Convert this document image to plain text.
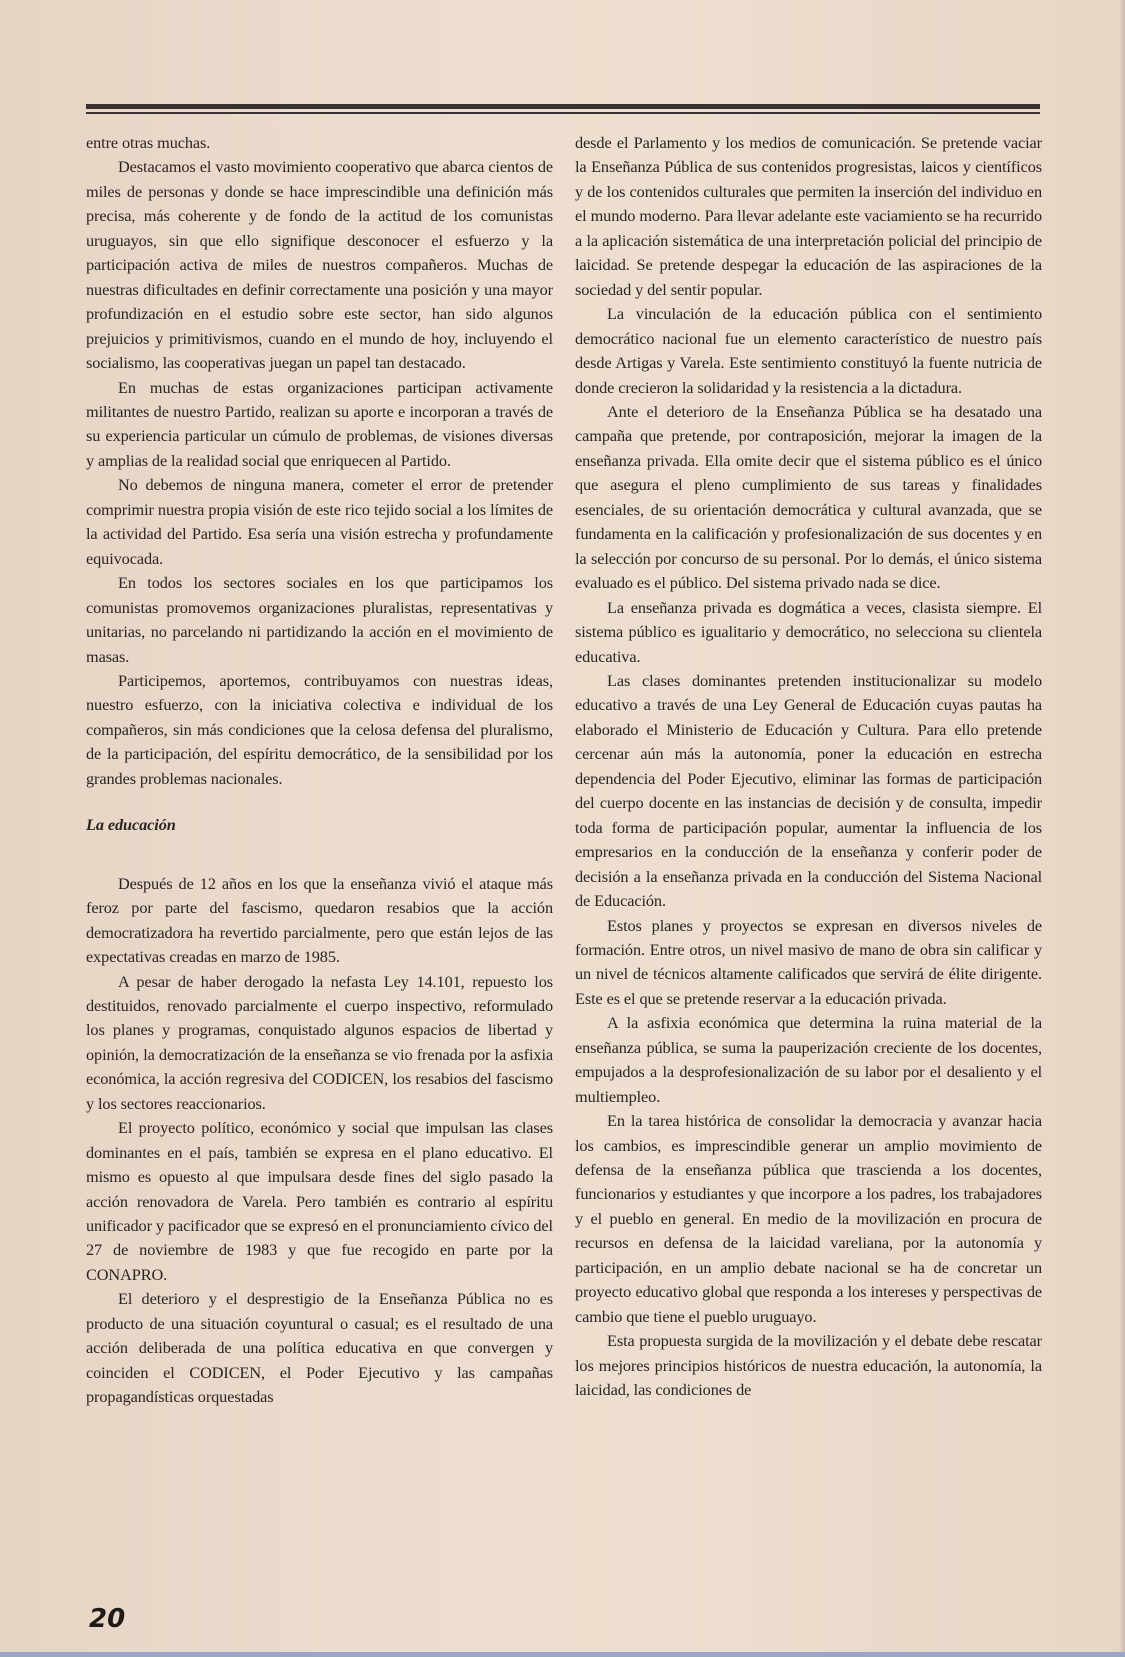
entre otras muchas.

Destacamos el vasto movimiento cooperativo que abarca cientos de miles de personas y donde se hace imprescindible una definición más precisa, más coherente y de fondo de la actitud de los comunistas uruguayos, sin que ello signifique desconocer el esfuerzo y la participación activa de miles de nuestros compañeros. Muchas de nuestras dificultades en definir correctamente una posición y una mayor profundización en el estudio sobre este sector, han sido algunos prejuicios y primitivismos, cuando en el mundo de hoy, incluyendo el socialismo, las cooperativas juegan un papel tan destacado.

En muchas de estas organizaciones participan activamente militantes de nuestro Partido, realizan su aporte e incorporan a través de su experiencia particular un cúmulo de problemas, de visiones diversas y amplias de la realidad social que enriquecen al Partido.

No debemos de ninguna manera, cometer el error de pretender comprimir nuestra propia visión de este rico tejido social a los límites de la actividad del Partido. Esa sería una visión estrecha y profundamente equivocada.

En todos los sectores sociales en los que participamos los comunistas promovemos organizaciones pluralistas, representativas y unitarias, no parcelando ni partidizando la acción en el movimiento de masas.

Participemos, aportemos, contribuyamos con nuestras ideas, nuestro esfuerzo, con la iniciativa colectiva e individual de los compañeros, sin más condiciones que la celosa defensa del pluralismo, de la participación, del espíritu democrático, de la sensibilidad por los grandes problemas nacionales.

La educación

Después de 12 años en los que la enseñanza vivió el ataque más feroz por parte del fascismo, quedaron resabios que la acción democratizadora ha revertido parcialmente, pero que están lejos de las expectativas creadas en marzo de 1985.

A pesar de haber derogado la nefasta Ley 14.101, repuesto los destituidos, renovado parcialmente el cuerpo inspectivo, reformulado los planes y programas, conquistado algunos espacios de libertad y opinión, la democratización de la enseñanza se vio frenada por la asfixia económica, la acción regresiva del CODICEN, los resabios del fascismo y los sectores reaccionarios.

El proyecto político, económico y social que impulsan las clases dominantes en el país, también se expresa en el plano educativo. El mismo es opuesto al que impulsara desde fines del siglo pasado la acción renovadora de Varela. Pero también es contrario al espíritu unificador y pacificador que se expresó en el pronunciamiento cívico del 27 de noviembre de 1983 y que fue recogido en parte por la CONAPRO.

El deterioro y el desprestigio de la Enseñanza Pública no es producto de una situación coyuntural o casual; es el resultado de una acción deliberada de una política educativa en que convergen y coinciden el CODICEN, el Poder Ejecutivo y las campañas propagandísticas orquestadas

desde el Parlamento y los medios de comunicación. Se pretende vaciar la Enseñanza Pública de sus contenidos progresistas, laicos y científicos y de los contenidos culturales que permiten la inserción del individuo en el mundo moderno. Para llevar adelante este vaciamiento se ha recurrido a la aplicación sistemática de una interpretación policial del principio de laicidad. Se pretende despegar la educación de las aspiraciones de la sociedad y del sentir popular.

La vinculación de la educación pública con el sentimiento democrático nacional fue un elemento característico de nuestro país desde Artigas y Varela. Este sentimiento constituyó la fuente nutricia de donde crecieron la solidaridad y la resistencia a la dictadura.

Ante el deterioro de la Enseñanza Pública se ha desatado una campaña que pretende, por contraposición, mejorar la imagen de la enseñanza privada. Ella omite decir que el sistema público es el único que asegura el pleno cumplimiento de sus tareas y finalidades esenciales, de su orientación democrática y cultural avanzada, que se fundamenta en la calificación y profesionalización de sus docentes y en la selección por concurso de su personal. Por lo demás, el único sistema evaluado es el público. Del sistema privado nada se dice.

La enseñanza privada es dogmática a veces, clasista siempre. El sistema público es igualitario y democrático, no selecciona su clientela educativa.

Las clases dominantes pretenden institucionalizar su modelo educativo a través de una Ley General de Educación cuyas pautas ha elaborado el Ministerio de Educación y Cultura. Para ello pretende cercenar aún más la autonomía, poner la educación en estrecha dependencia del Poder Ejecutivo, eliminar las formas de participación del cuerpo docente en las instancias de decisión y de consulta, impedir toda forma de participación popular, aumentar la influencia de los empresarios en la conducción de la enseñanza y conferir poder de decisión a la enseñanza privada en la conducción del Sistema Nacional de Educación.

Estos planes y proyectos se expresan en diversos niveles de formación. Entre otros, un nivel masivo de mano de obra sin calificar y un nivel de técnicos altamente calificados que servirá de élite dirigente. Este es el que se pretende reservar a la educación privada.

A la asfixia económica que determina la ruina material de la enseñanza pública, se suma la pauperización creciente de los docentes, empujados a la desprofesionalización de su labor por el desaliento y el multiempleo.

En la tarea histórica de consolidar la democracia y avanzar hacia los cambios, es imprescindible generar un amplio movimiento de defensa de la enseñanza pública que trascienda a los docentes, funcionarios y estudiantes y que incorpore a los padres, los trabajadores y el pueblo en general. En medio de la movilización en procura de recursos en defensa de la laicidad vareliana, por la autonomía y participación, en un amplio debate nacional se ha de concretar un proyecto educativo global que responda a los intereses y perspectivas de cambio que tiene el pueblo uruguayo.

Esta propuesta surgida de la movilización y el debate debe rescatar los mejores principios históricos de nuestra educación, la autonomía, la laicidad, las condiciones de

20
